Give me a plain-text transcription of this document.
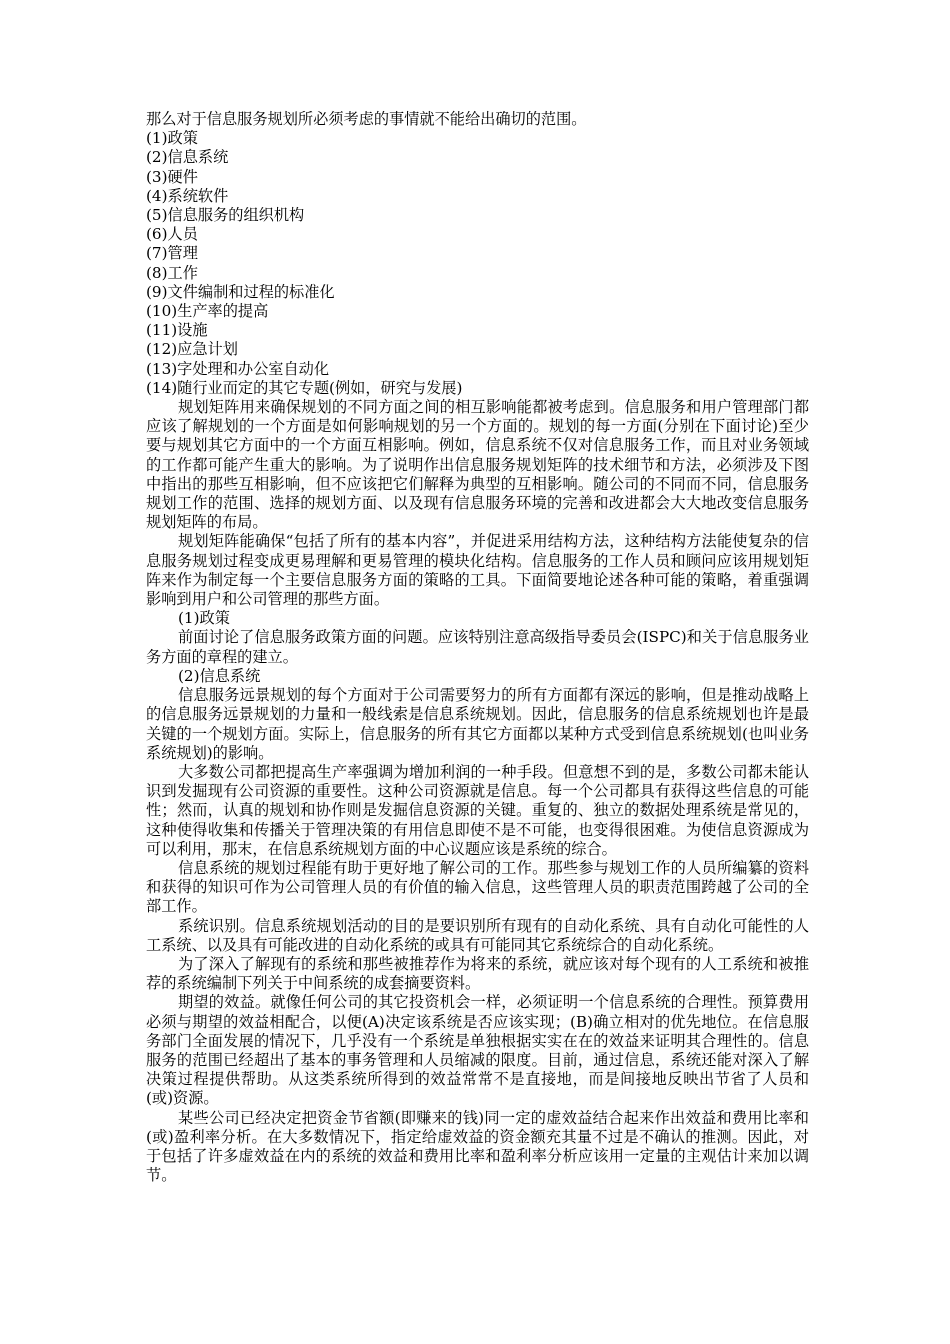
那么对于信息服务规划所必须考虑的事情就不能给出确切的范围。

(1)政策

(2)信息系统

(3)硬件

(4)系统软件

(5)信息服务的组织机构

(6)人员

(7)管理

(8)工作

(9)文件编制和过程的标准化

(10)生产率的提高

(11)设施

(12)应急计划

(13)字处理和办公室自动化

(14)随行业而定的其它专题(例如，研究与发展)

规划矩阵用来确保规划的不同方面之间的相互影响能都被考虑到。信息服务和用户管理部门都应该了解规划的一个方面是如何影响规划的另一个方面的。规划的每一方面(分别在下面讨论)至少要与规划其它方面中的一个方面互相影响。例如，信息系统不仅对信息服务工作，而且对业务领域的工作都可能产生重大的影响。为了说明作出信息服务规划矩阵的技术细节和方法，必须涉及下图中指出的那些互相影响，但不应该把它们解释为典型的互相影响。随公司的不同而不同，信息服务规划工作的范围、选择的规划方面、以及现有信息服务环境的完善和改进都会大大地改变信息服务规划矩阵的布局。

规划矩阵能确保“包括了所有的基本内容”，并促进采用结构方法，这种结构方法能使复杂的信息服务规划过程变成更易理解和更易管理的模块化结构。信息服务的工作人员和顾问应该用规划矩阵来作为制定每一个主要信息服务方面的策略的工具。下面简要地论述各种可能的策略，着重强调影响到用户和公司管理的那些方面。

(1)政策

前面讨论了信息服务政策方面的问题。应该特别注意高级指导委员会(ISPC)和关于信息服务业务方面的章程的建立。

(2)信息系统

信息服务远景规划的每个方面对于公司需要努力的所有方面都有深远的影响，但是推动战略上的信息服务远景规划的力量和一般线索是信息系统规划。因此，信息服务的信息系统规划也许是最关键的一个规划方面。实际上，信息服务的所有其它方面都以某种方式受到信息系统规划(也叫业务系统规划)的影响。

大多数公司都把提高生产率强调为增加利润的一种手段。但意想不到的是，多数公司都未能认识到发掘现有公司资源的重要性。这种公司资源就是信息。每一个公司都具有获得这些信息的可能性；然而，认真的规划和协作则是发掘信息资源的关键。重复的、独立的数据处理系统是常见的，这种使得收集和传播关于管理决策的有用信息即使不是不可能，也变得很困难。为使信息资源成为可以利用，那末，在信息系统规划方面的中心议题应该是系统的综合。

信息系统的规划过程能有助于更好地了解公司的工作。那些参与规划工作的人员所编纂的资料和获得的知识可作为公司管理人员的有价值的输入信息，这些管理人员的职责范围跨越了公司的全部工作。

系统识别。信息系统规划活动的目的是要识别所有现有的自动化系统、具有自动化可能性的人工系统、以及具有可能改进的自动化系统的或具有可能同其它系统综合的自动化系统。

为了深入了解现有的系统和那些被推荐作为将来的系统，就应该对每个现有的人工系统和被推荐的系统编制下列关于中间系统的成套摘要资料。

期望的效益。就像任何公司的其它投资机会一样，必须证明一个信息系统的合理性。预算费用必须与期望的效益相配合，以便(A)决定该系统是否应该实现；(B)确立相对的优先地位。在信息服务部门全面发展的情况下，几乎没有一个系统是单独根据实实在在的效益来证明其合理性的。信息服务的范围已经超出了基本的事务管理和人员缩减的限度。目前，通过信息，系统还能对深入了解决策过程提供帮助。从这类系统所得到的效益常常不是直接地，而是间接地反映出节省了人员和(或)资源。

某些公司已经决定把资金节省额(即赚来的钱)同一定的虚效益结合起来作出效益和费用比率和(或)盈利率分析。在大多数情况下，指定给虚效益的资金额充其量不过是不确认的推测。因此，对于包括了许多虚效益在内的系统的效益和费用比率和盈利率分析应该用一定量的主观估计来加以调节。
